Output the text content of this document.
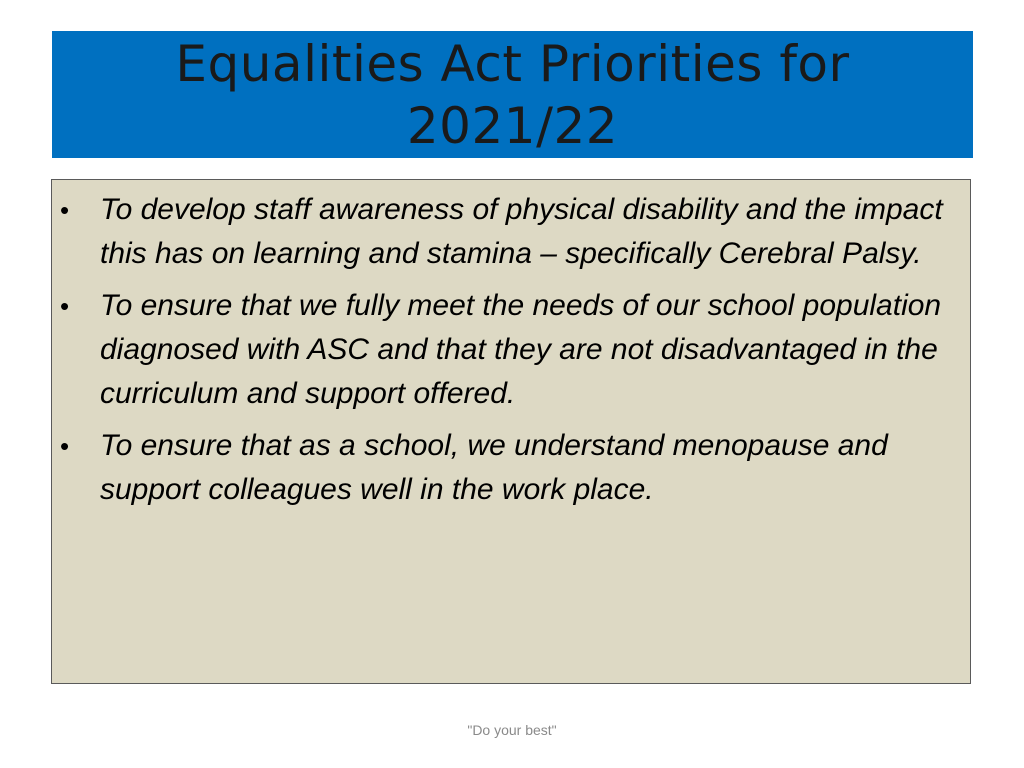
Equalities Act Priorities for
2021/22
• To develop staff awareness of physical disability and the impact this has on learning and stamina – specifically Cerebral Palsy.
• To ensure that we fully meet the needs of our school population diagnosed with ASC and that they are not disadvantaged in the curriculum and support offered.
• To ensure that as a school, we understand menopause and support colleagues well in the work place.
"Do your best"
